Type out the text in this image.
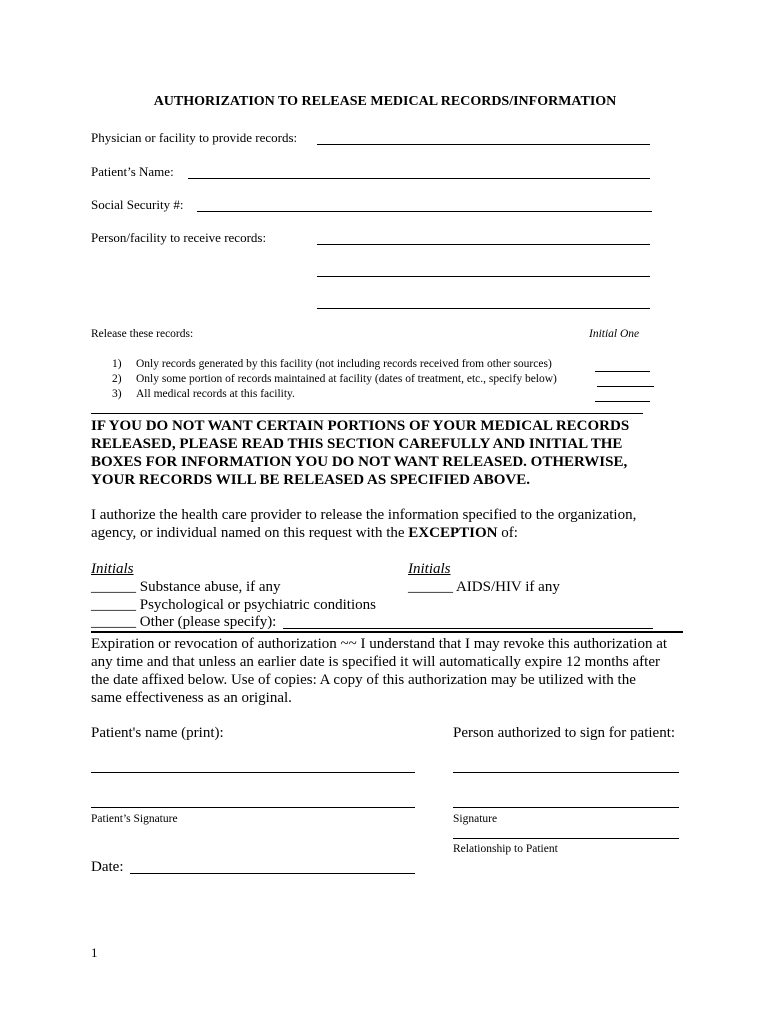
AUTHORIZATION TO RELEASE MEDICAL RECORDS/INFORMATION
Physician or facility to provide records:
Patient’s Name:
Social Security #:
Person/facility to receive records:
Release these records:	Initial One
1) Only records generated by this facility (not including records received from other sources)
2) Only some portion of records maintained at facility (dates of treatment, etc., specify below)
3) All medical records at this facility.
IF YOU DO NOT WANT CERTAIN PORTIONS OF YOUR MEDICAL RECORDS
RELEASED, PLEASE READ THIS SECTION CAREFULLY AND INITIAL THE
BOXES FOR INFORMATION YOU DO NOT WANT RELEASED. OTHERWISE,
YOUR RECORDS WILL BE RELEASED AS SPECIFIED ABOVE.
I authorize the health care provider to release the information specified to the organization,
agency, or individual named on this request with the EXCEPTION of:
Initials	Initials
______ Substance abuse, if any	______ AIDS/HIV if any
______ Psychological or psychiatric conditions
______ Other (please specify):
Expiration or revocation of authorization ~~ I understand that I may revoke this authorization at
any time and that unless an earlier date is specified it will automatically expire 12 months after
the date affixed below. Use of copies: A copy of this authorization may be utilized with the
same effectiveness as an original.
Patient's name (print):	Person authorized to sign for patient:
Patient’s Signature	Signature
Relationship to Patient
Date:
1
